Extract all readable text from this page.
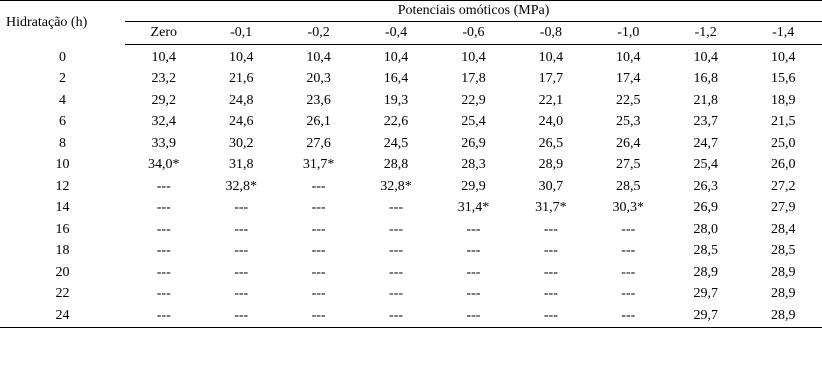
Hidratação (h)	Potenciais omóticos (MPa)								
	Zero	-0,1	-0,2	-0,4	-0,6	-0,8	-1,0	-1,2	-1,4
0	10,4	10,4	10,4	10,4	10,4	10,4	10,4	10,4	10,4
2	23,2	21,6	20,3	16,4	17,8	17,7	17,4	16,8	15,6
4	29,2	24,8	23,6	19,3	22,9	22,1	22,5	21,8	18,9
6	32,4	24,6	26,1	22,6	25,4	24,0	25,3	23,7	21,5
8	33,9	30,2	27,6	24,5	26,9	26,5	26,4	24,7	25,0
10	34,0*	31,8	31,7*	28,8	28,3	28,9	27,5	25,4	26,0
12	---	32,8*	---	32,8*	29,9	30,7	28,5	26,3	27,2
14	---	---	---	---	31,4*	31,7*	30,3*	26,9	27,9
16	---	---	---	---	---	---	---	28,0	28,4
18	---	---	---	---	---	---	---	28,5	28,5
20	---	---	---	---	---	---	---	28,9	28,9
22	---	---	---	---	---	---	---	29,7	28,9
24	---	---	---	---	---	---	---	29,7	28,9
